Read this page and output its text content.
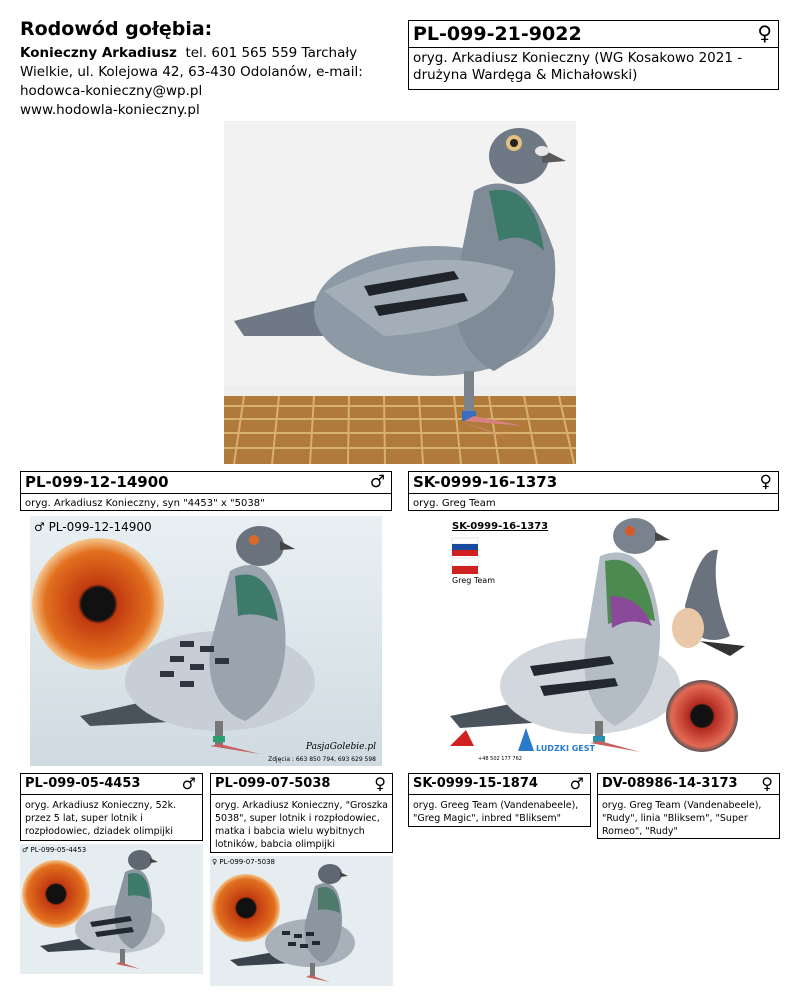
Rodowód gołębia:
Konieczny Arkadiusz tel. 601 565 559 Tarchały Wielkie, ul. Kolejowa 42, 63-430 Odolanów, e-mail: hodowca-konieczny@wp.pl
www.hodowla-konieczny.pl
PL-099-21-9022	♀
oryg. Arkadiusz Konieczny (WG Kosakowo 2021 - drużyna Wardęga & Michałowski)
PL-099-12-14900	♂
oryg. Arkadiusz Konieczny, syn "4453" x "5038"
SK-0999-16-1373	♀
oryg. Greg Team
♂ PL-099-12-14900
PasjaGolebie.pl
Zdjęcia : 663 850 794, 693 629 598
SK-0999-16-1373
Greg Team
+48 502 177 762
LUDZKI GEST
PL-099-05-4453	♂
oryg. Arkadiusz Konieczny, 52k. przez 5 lat, super lotnik i rozpłodowiec, dziadek olimpijki
PL-099-07-5038	♀
oryg. Arkadiusz Konieczny, "Groszka 5038", super lotnik i rozpłodowiec, matka i babcia wielu wybitnych lotników, babcia olimpijki
SK-0999-15-1874	♂
oryg. Greeg Team (Vandenabeele), "Greg Magic", inbred "Bliksem"
DV-08986-14-3173	♀
oryg. Greg Team (Vandenabeele), "Rudy", linia "Bliksem", "Super Romeo", "Rudy"
♂ PL-099-05-4453
♀ PL-099-07-5038
